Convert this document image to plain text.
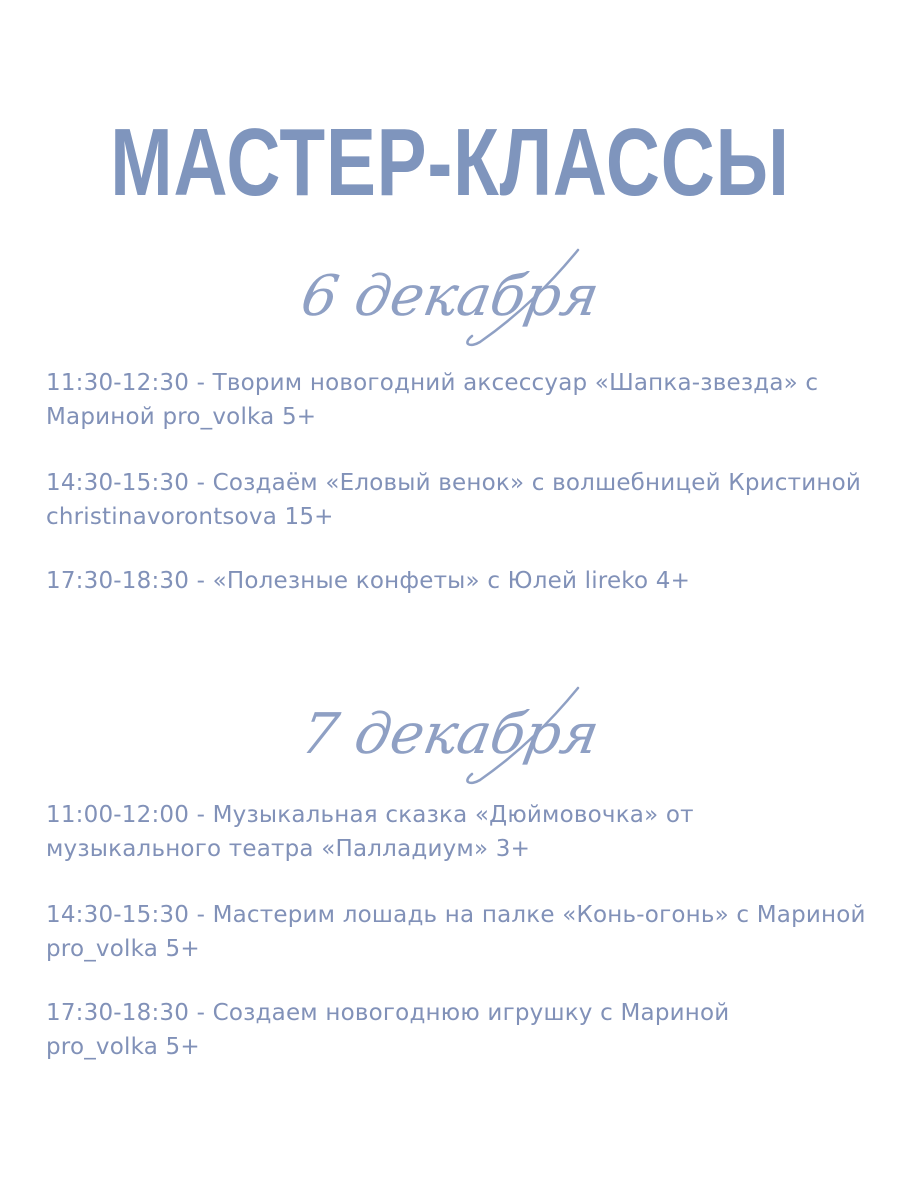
МАСТЕР-КЛАССЫ
6 декабря
11:30-12:30 - Творим новогодний аксессуар «Шапка-звезда» с
Мариной pro_volka 5+
14:30-15:30 - Создаём «Еловый венок» с волшебницей Кристиной
christinavorontsova 15+
17:30-18:30 - «Полезные конфеты» с Юлей lireko 4+
7 декабря
11:00-12:00 - Музыкальная сказка «Дюймовочка» от
музыкального театра «Палладиум» 3+
14:30-15:30 - Мастерим лошадь на палке «Конь-огонь» с Мариной
pro_volka 5+
17:30-18:30 - Создаем новогоднюю игрушку с Мариной
pro_volka 5+
